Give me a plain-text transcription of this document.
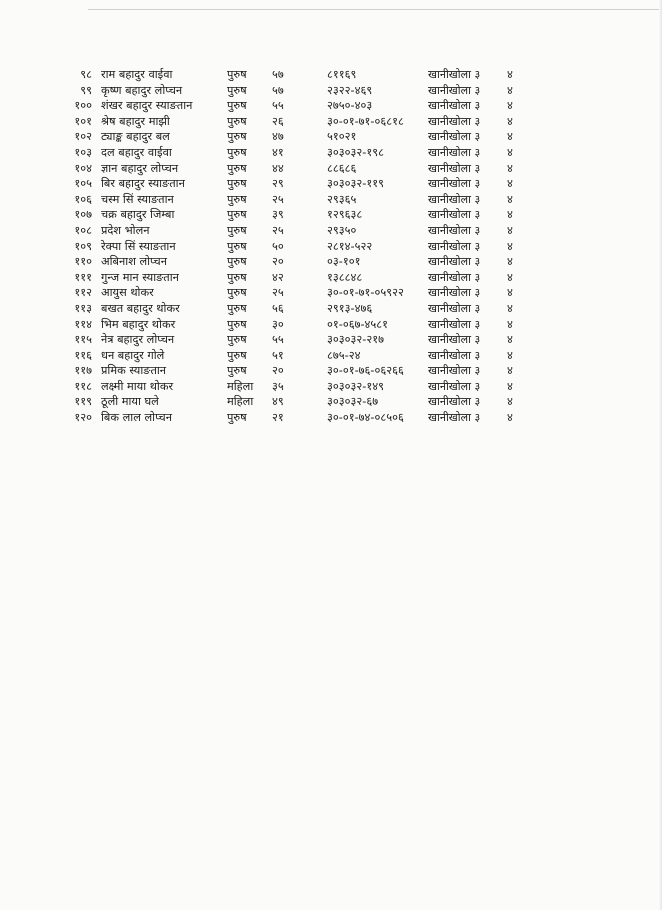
९८ राम बहादुर वाईवा	पुरुष ५७	८११६९	खानीखोला ३ ४
९९ कृष्ण बहादुर लोप्चन	पुरुष ५७	२३२२-४६९	खानीखोला ३ ४
१०० शंखर बहादुर स्याङतान	पुरुष ५५	२७५०-४०३	खानीखोला ३ ४
१०१ श्रेष बहादुर माझी	पुरुष २६	३०-०१-७१-०६८१८ खानीखोला ३ ४
१०२ ट्याङ्क बहादुर बल	पुरुष ४७	५१०२१	खानीखोला ३ ४
१०३ दल बहादुर वाईवा	पुरुष ४१	३०३०३२-१९८	खानीखोला ३ ४
१०४ ज्ञान बहादुर लोप्चन	पुरुष ४४	८८६८६	खानीखोला ३ ४
१०५ बिर बहादुर स्याङतान	पुरुष २९	३०३०३२-११९	खानीखोला ३ ४
१०६ चस्म सिं स्याङतान	पुरुष २५	२९३६५	खानीखोला ३ ४
१०७ चक्र बहादुर जिम्बा	पुरुष ३९	१२९६३८	खानीखोला ३ ४
१०८ प्रदेश भोलन	पुरुष २५	२९३५०	खानीखोला ३ ४
१०९ रेक्पा सिं स्याङतान	पुरुष ५०	२८१४-५२२	खानीखोला ३ ४
११० अबिनाश लोप्चन	पुरुष २०	०३-१०१	खानीखोला ३ ४
१११ गुन्ज मान स्याङतान	पुरुष ४२	१३८८४८	खानीखोला ३ ४
११२ आयुस थोकर	पुरुष २५	३०-०१-७१-०५९२२ खानीखोला ३ ४
११३ बखत बहादुर थोकर	पुरुष ५६	२९१३-४७६	खानीखोला ३ ४
११४ भिम बहादुर थोकर	पुरुष ३०	०१-०६७-४५८१	खानीखोला ३ ४
११५ नेत्र बहादुर लोप्चन	पुरुष ५५	३०३०३२-२१७	खानीखोला ३ ४
११६ धन बहादुर गोले	पुरुष ५१	८७५-२४	खानीखोला ३ ४
११७ प्रमिक स्याङतान	पुरुष २०	३०-०१-७६-०६२६६ खानीखोला ३ ४
११८ लक्ष्मी माया थोकर	महिला ३५	३०३०३२-१४९	खानीखोला ३ ४
११९ ठूली माया घले	महिला ४९	३०३०३२-६७	खानीखोला ३ ४
१२० बिक लाल लोप्चन	पुरुष २१	३०-०१-७४-०८५०६ खानीखोला ३ ४
